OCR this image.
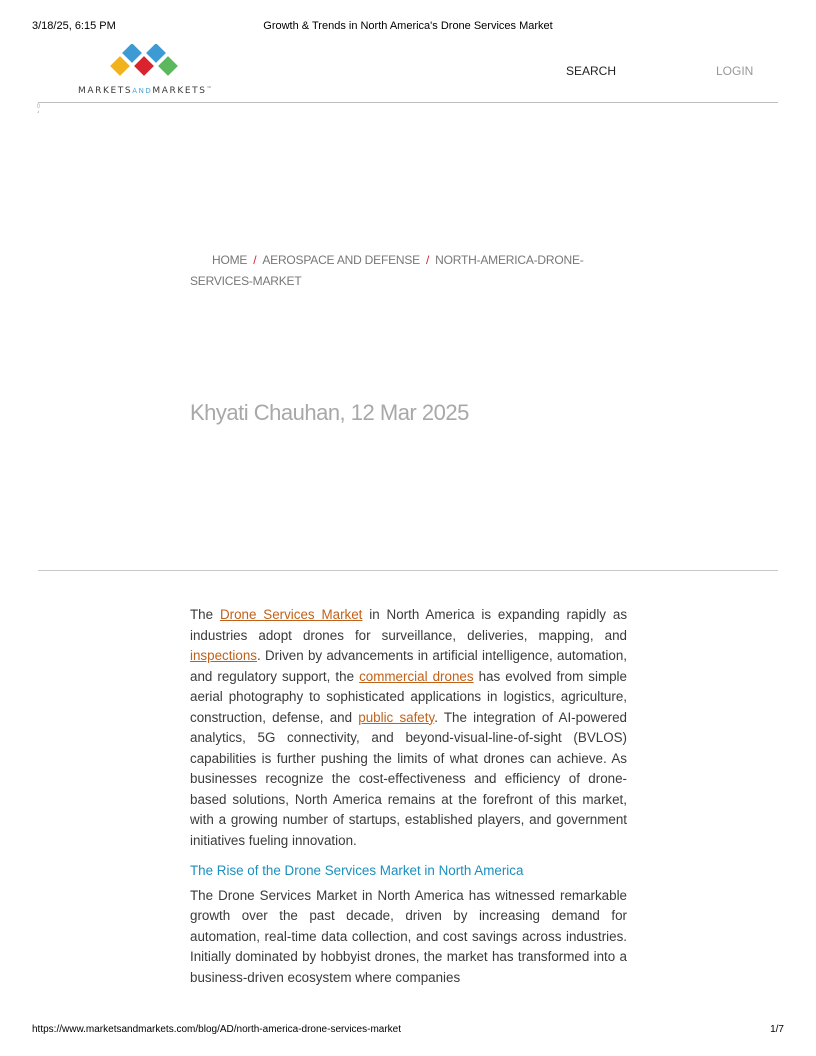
3/18/25, 6:15 PM	Growth & Trends in North America's Drone Services Market
MARKETSANDMARKETS™
SEARCH	LOGIN
▯
⌟
HOME / AEROSPACE AND DEFENSE / NORTH-AMERICA-DRONE-SERVICES-MARKET
Khyati Chauhan, 12 Mar 2025

The Drone Services Market in North America is expanding rapidly as industries adopt drones for surveillance, deliveries, mapping, and inspections. Driven by advancements in artificial intelligence, automation, and regulatory support, the commercial drones has evolved from simple aerial photography to sophisticated applications in logistics, agriculture, construction, defense, and public safety. The integration of AI-powered analytics, 5G connectivity, and beyond-visual-line-of-sight (BVLOS) capabilities is further pushing the limits of what drones can achieve. As businesses recognize the cost-effectiveness and efficiency of drone-based solutions, North America remains at the forefront of this market, with a growing number of startups, established players, and government initiatives fueling innovation.

The Rise of the Drone Services Market in North America

The Drone Services Market in North America has witnessed remarkable growth over the past decade, driven by increasing demand for automation, real-time data collection, and cost savings across industries. Initially dominated by hobbyist drones, the market has transformed into a business-driven ecosystem where companies

https://www.marketsandmarkets.com/blog/AD/north-america-drone-services-market	1/7
